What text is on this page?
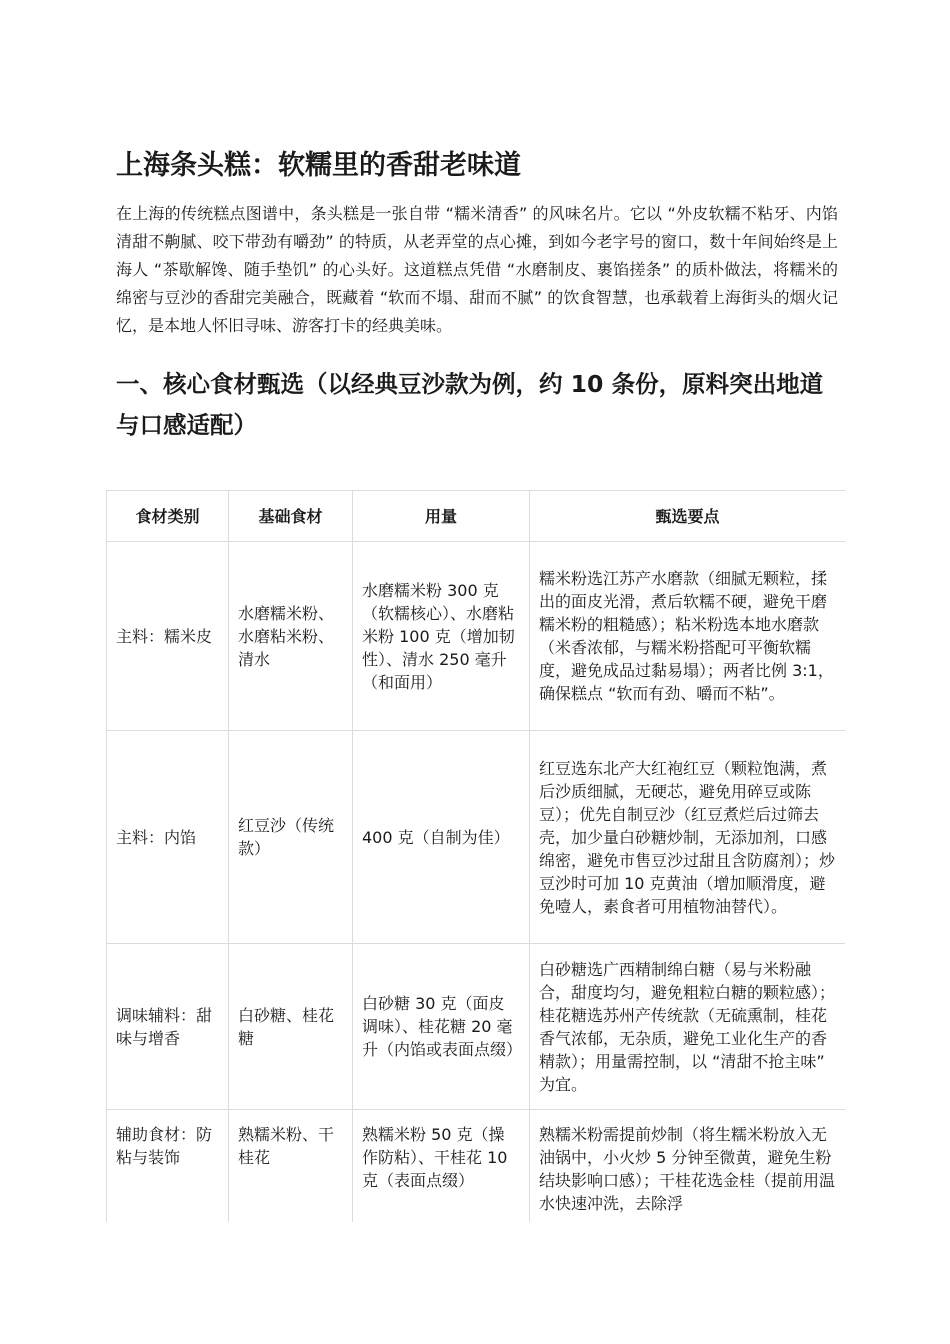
上海条头糕：软糯里的香甜老味道

在上海的传统糕点图谱中，条头糕是一张自带 “糯米清香” 的风味名片。它以 “外皮软糯不粘牙、内馅清甜不齁腻、咬下带劲有嚼劲” 的特质，从老弄堂的点心摊，到如今老字号的窗口，数十年间始终是上海人 “茶歇解馋、随手垫饥” 的心头好。这道糕点凭借 “水磨制皮、裹馅搓条” 的质朴做法，将糯米的绵密与豆沙的香甜完美融合，既藏着 “软而不塌、甜而不腻” 的饮食智慧，也承载着上海街头的烟火记忆，是本地人怀旧寻味、游客打卡的经典美味。

一、核心食材甄选（以经典豆沙款为例，约 10 条份，原料突出地道与口感适配）
食材类别	基础食材	用量	甄选要点
主料：糯米皮	水磨糯米粉、水磨粘米粉、清水	水磨糯米粉 300 克（软糯核心）、水磨粘米粉 100 克（增加韧性）、清水 250 毫升（和面用）	糯米粉选江苏产水磨款（细腻无颗粒，揉出的面皮光滑，煮后软糯不硬，避免干磨糯米粉的粗糙感）；粘米粉选本地水磨款（米香浓郁，与糯米粉搭配可平衡软糯度，避免成品过黏易塌）；两者比例 3:1，确保糕点 “软而有劲、嚼而不粘”。
主料：内馅	红豆沙（传统款）	400 克（自制为佳）	红豆选东北产大红袍红豆（颗粒饱满，煮后沙质细腻，无硬芯，避免用碎豆或陈豆）；优先自制豆沙（红豆煮烂后过筛去壳，加少量白砂糖炒制，无添加剂，口感绵密，避免市售豆沙过甜且含防腐剂）；炒豆沙时可加 10 克黄油（增加顺滑度，避免噎人，素食者可用植物油替代）。
调味辅料：甜味与增香	白砂糖、桂花糖	白砂糖 30 克（面皮调味）、桂花糖 20 毫升（内馅或表面点缀）	白砂糖选广西精制绵白糖（易与米粉融合，甜度均匀，避免粗粒白糖的颗粒感）；桂花糖选苏州产传统款（无硫熏制，桂花香气浓郁，无杂质，避免工业化生产的香精款）；用量需控制，以 “清甜不抢主味” 为宜。
辅助食材：防粘与装饰	熟糯米粉、干桂花	熟糯米粉 50 克（操作防粘）、干桂花 10 克（表面点缀）	熟糯米粉需提前炒制（将生糯米粉放入无油锅中，小火炒 5 分钟至微黄，避免生粉结块影响口感）；干桂花选金桂（提前用温水快速冲洗，去除浮
